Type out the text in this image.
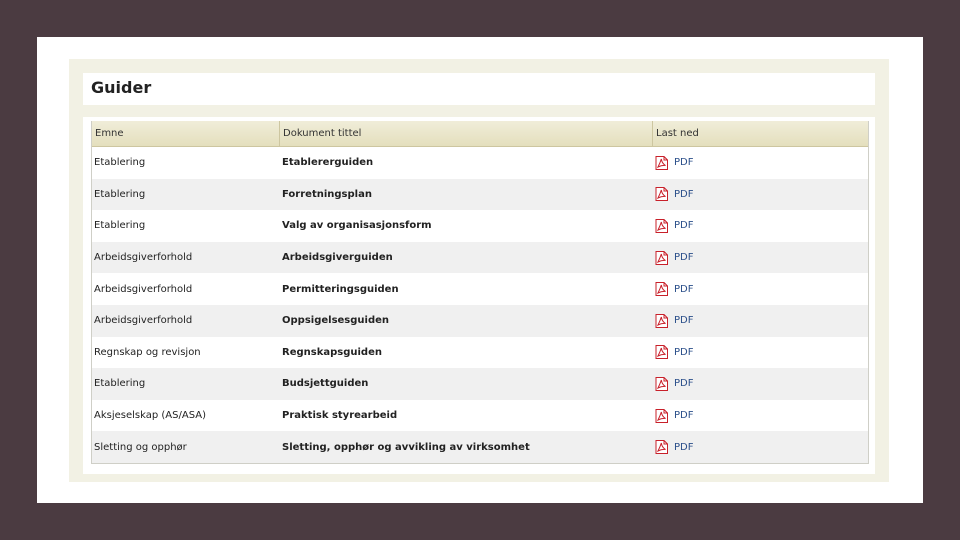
Guider
Emne	Dokument tittel	Last ned
Etablering	Etablererguiden	PDF
Etablering	Forretningsplan	PDF
Etablering	Valg av organisasjonsform	PDF
Arbeidsgiverforhold	Arbeidsgiverguiden	PDF
Arbeidsgiverforhold	Permitteringsguiden	PDF
Arbeidsgiverforhold	Oppsigelsesguiden	PDF
Regnskap og revisjon	Regnskapsguiden	PDF
Etablering	Budsjettguiden	PDF
Aksjeselskap (AS/ASA)	Praktisk styrearbeid	PDF
Sletting og opphør	Sletting, opphør og avvikling av virksomhet	PDF
